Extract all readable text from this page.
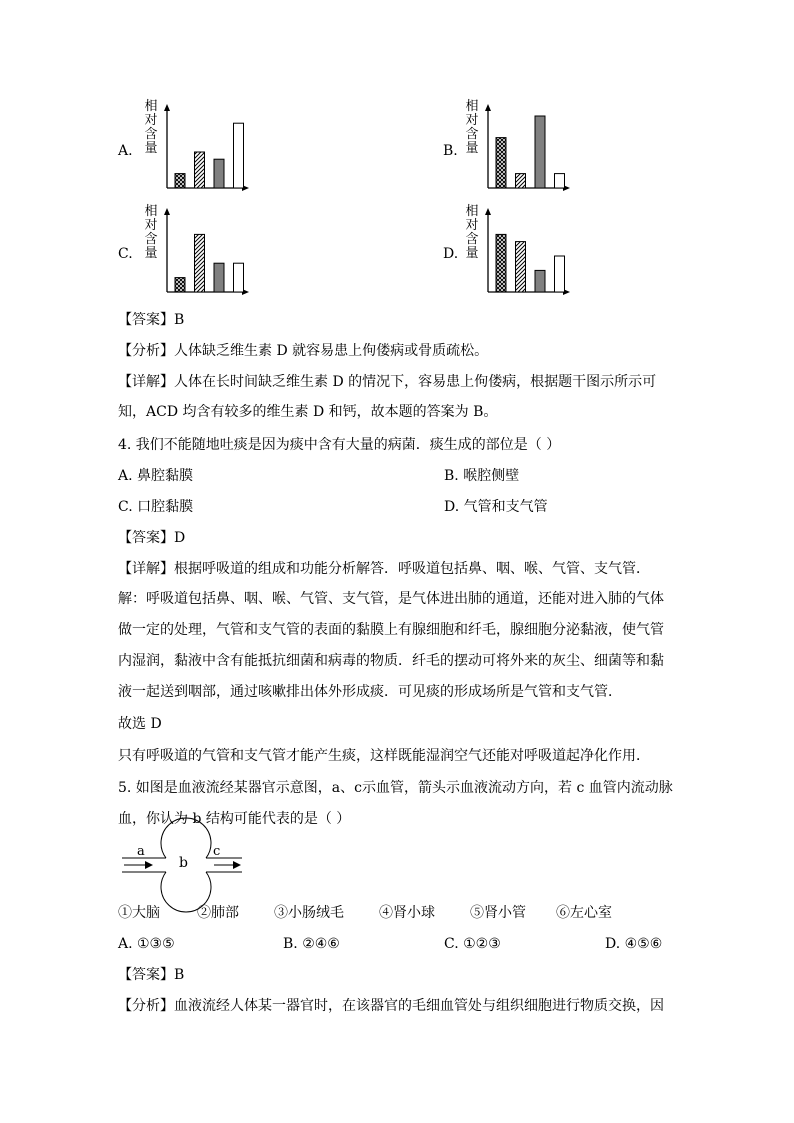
A.
相
对
含
量	B.
相
对
含
量
C.
相
对
含
量	D.
相
对
含
量
【答案】B
【分析】人体缺乏维生素 D 就容易患上佝偻病或骨质疏松。
【详解】人体在长时间缺乏维生素 D 的情况下，容易患上佝偻病，根据题干图示所示可
知，ACD 均含有较多的维生素 D 和钙，故本题的答案为 B。
4. 我们不能随地吐痰是因为痰中含有大量的病菌．痰生成的部位是（ ）
A. 鼻腔黏膜	B. 喉腔侧壁
C. 口腔黏膜	D. 气管和支气管
【答案】D
【详解】根据呼吸道的组成和功能分析解答．呼吸道包括鼻、咽、喉、气管、支气管．
解：呼吸道包括鼻、咽、喉、气管、支气管，是气体进出肺的通道，还能对进入肺的气体
做一定的处理，气管和支气管的表面的黏膜上有腺细胞和纤毛，腺细胞分泌黏液，使气管
内湿润，黏液中含有能抵抗细菌和病毒的物质．纤毛的摆动可将外来的灰尘、细菌等和黏
液一起送到咽部，通过咳嗽排出体外形成痰．可见痰的形成场所是气管和支气管．
故选 D
只有呼吸道的气管和支气管才能产生痰，这样既能湿润空气还能对呼吸道起净化作用．
5. 如图是血液流经某器官示意图，a、c示血管，箭头示血液流动方向，若 c 血管内流动脉
血，你认为 b 结构可能代表的是（ ）
a
b
c
①大脑	②肺部	③小肠绒毛	④肾小球	⑤肾小管 ⑥左心室
A. ①③⑤	B. ②④⑥	C. ①②③	D. ④⑤⑥
【答案】B
【分析】血液流经人体某一器官时，在该器官的毛细血管处与组织细胞进行物质交换，因
